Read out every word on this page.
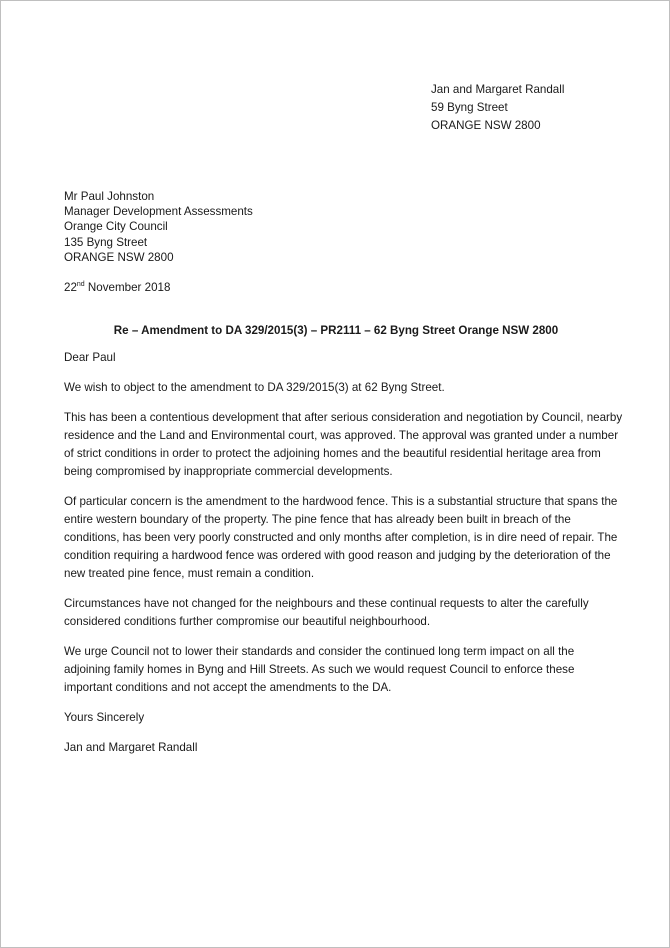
Jan and Margaret Randall
59 Byng Street
ORANGE NSW 2800
Mr Paul Johnston
Manager Development Assessments
Orange City Council
135 Byng Street
ORANGE NSW 2800
22nd November 2018
Re – Amendment to DA 329/2015(3) – PR2111 – 62 Byng Street Orange NSW 2800
Dear Paul
We wish to object to the amendment to DA 329/2015(3) at 62 Byng Street.
This has been a contentious development that after serious consideration and negotiation by Council, nearby
residence and the Land and Environmental court, was approved. The approval was granted under a number
of strict conditions in order to protect the adjoining homes and the beautiful residential heritage area from
being compromised by inappropriate commercial developments.
Of particular concern is the amendment to the hardwood fence. This is a substantial structure that spans the
entire western boundary of the property. The pine fence that has already been built in breach of the
conditions, has been very poorly constructed and only months after completion, is in dire need of repair. The
condition requiring a hardwood fence was ordered with good reason and judging by the deterioration of the
new treated pine fence, must remain a condition.
Circumstances have not changed for the neighbours and these continual requests to alter the carefully
considered conditions further compromise our beautiful neighbourhood.
We urge Council not to lower their standards and consider the continued long term impact on all the
adjoining family homes in Byng and Hill Streets. As such we would request Council to enforce these
important conditions and not accept the amendments to the DA.
Yours Sincerely
Jan and Margaret Randall
